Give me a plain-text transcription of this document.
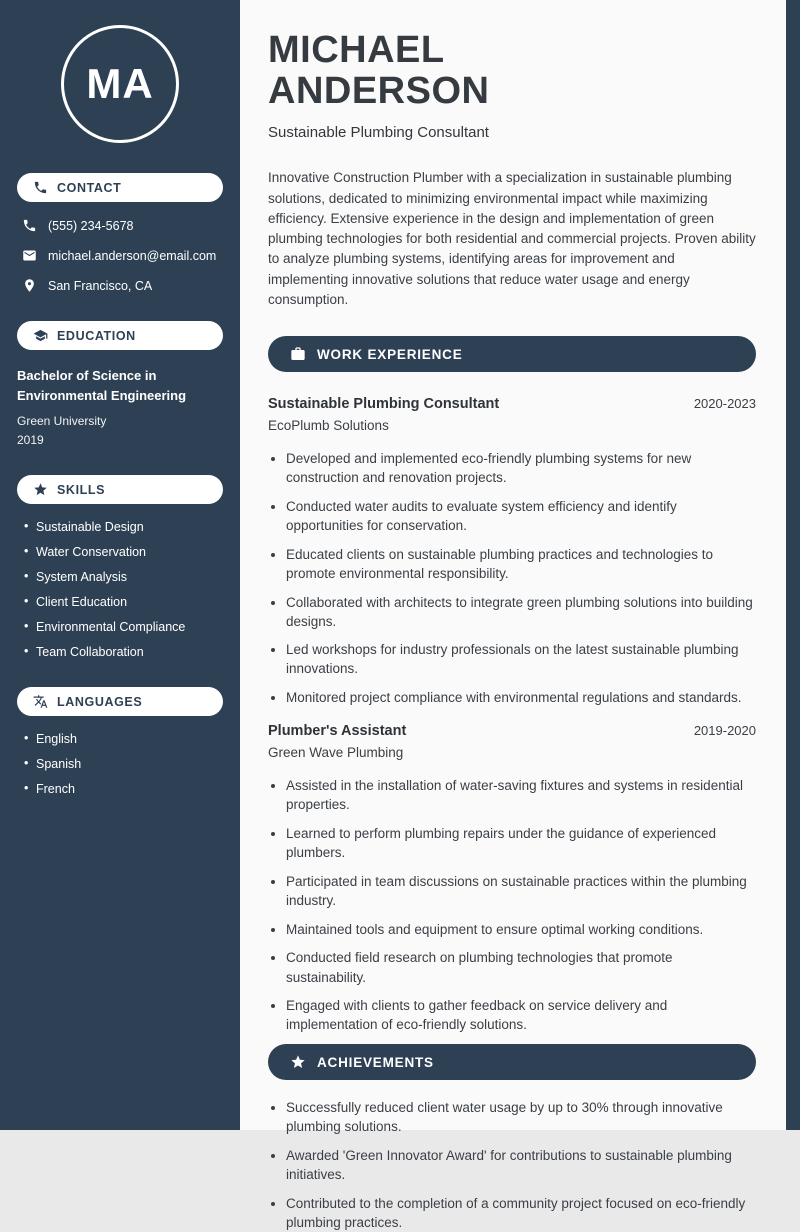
MA
CONTACT
(555) 234-5678
michael.anderson@email.com
San Francisco, CA
EDUCATION
Bachelor of Science in Environmental Engineering
Green University
2019
SKILLS
• Sustainable Design
• Water Conservation
• System Analysis
• Client Education
• Environmental Compliance
• Team Collaboration
LANGUAGES
• English
• Spanish
• French
MICHAEL
ANDERSON
Sustainable Plumbing Consultant

Innovative Construction Plumber with a specialization in sustainable plumbing solutions, dedicated to minimizing environmental impact while maximizing efficiency. Extensive experience in the design and implementation of green plumbing technologies for both residential and commercial projects. Proven ability to analyze plumbing systems, identifying areas for improvement and implementing innovative solutions that reduce water usage and energy consumption.

WORK EXPERIENCE
Sustainable Plumbing Consultant	2020-2023
EcoPlumb Solutions
• Developed and implemented eco-friendly plumbing systems for new construction and renovation projects.
• Conducted water audits to evaluate system efficiency and identify opportunities for conservation.
• Educated clients on sustainable plumbing practices and technologies to promote environmental responsibility.
• Collaborated with architects to integrate green plumbing solutions into building designs.
• Led workshops for industry professionals on the latest sustainable plumbing innovations.
• Monitored project compliance with environmental regulations and standards.
Plumber's Assistant	2019-2020
Green Wave Plumbing
• Assisted in the installation of water-saving fixtures and systems in residential properties.
• Learned to perform plumbing repairs under the guidance of experienced plumbers.
• Participated in team discussions on sustainable practices within the plumbing industry.
• Maintained tools and equipment to ensure optimal working conditions.
• Conducted field research on plumbing technologies that promote sustainability.
• Engaged with clients to gather feedback on service delivery and implementation of eco-friendly solutions.
ACHIEVEMENTS
• Successfully reduced client water usage by up to 30% through innovative plumbing solutions.
• Awarded 'Green Innovator Award' for contributions to sustainable plumbing initiatives.
• Contributed to the completion of a community project focused on eco-friendly plumbing practices.
